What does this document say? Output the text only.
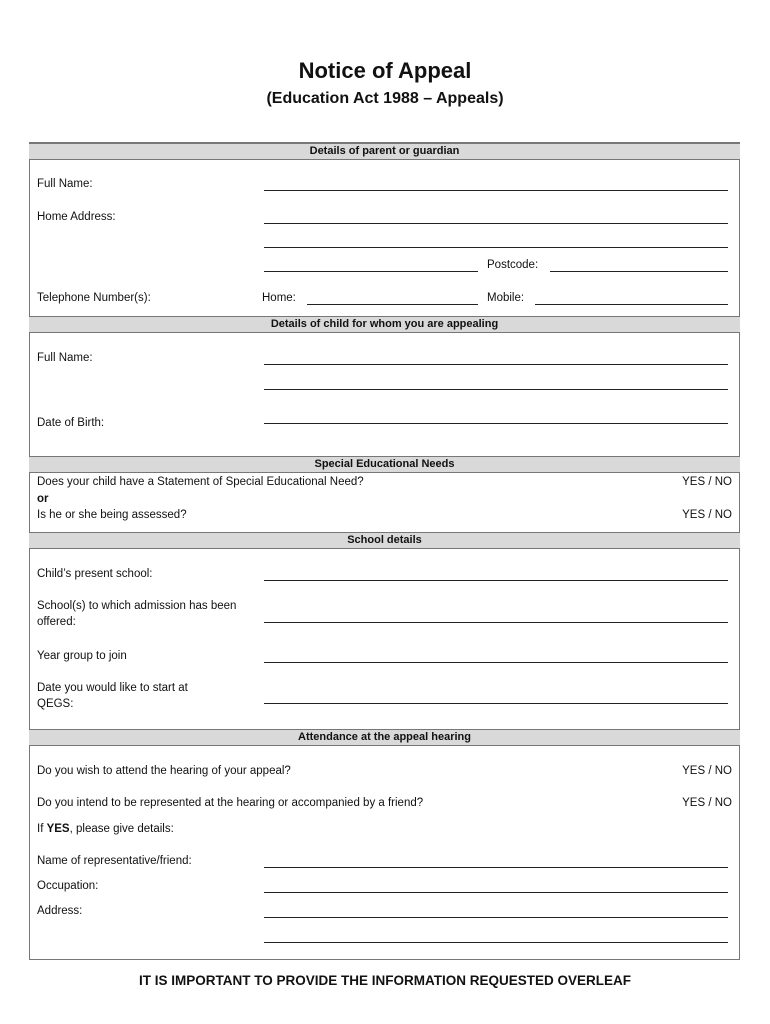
Notice of Appeal
(Education Act 1988 – Appeals)
Details of parent or guardian
Full Name:
Home Address:
Postcode:
Telephone Number(s):	Home:	Mobile:
Details of child for whom you are appealing
Full Name:
Date of Birth:
Special Educational Needs
Does your child have a Statement of Special Educational Need?	YES / NO
or
Is he or she being assessed?	YES / NO
School details
Child’s present school:
School(s) to which admission has been offered:
Year group to join
Date you would like to start at QEGS:
Attendance at the appeal hearing
Do you wish to attend the hearing of your appeal?	YES / NO
Do you intend to be represented at the hearing or accompanied by a friend?	YES / NO
If YES, please give details:
Name of representative/friend:
Occupation:
Address:
IT IS IMPORTANT TO PROVIDE THE INFORMATION REQUESTED OVERLEAF
